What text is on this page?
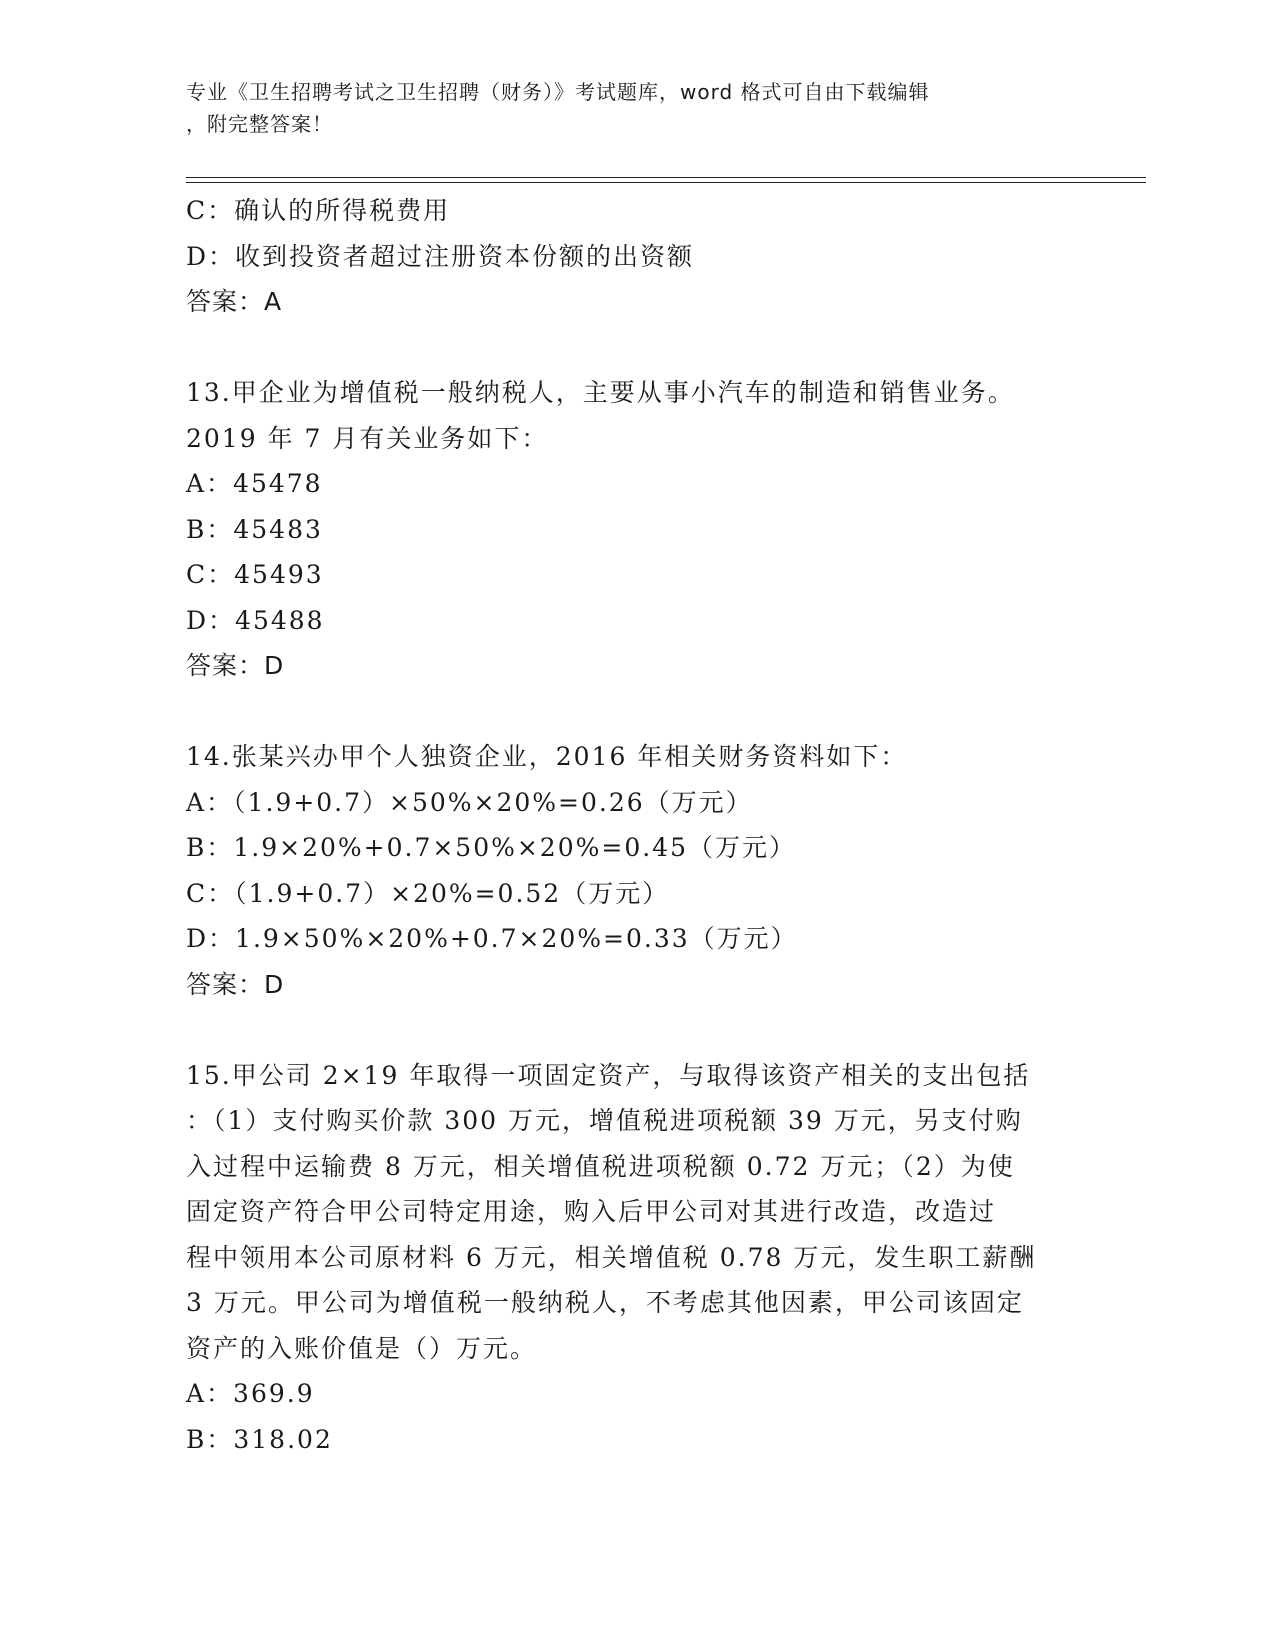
专业《卫生招聘考试之卫生招聘（财务）》考试题库，word 格式可自由下载编辑
，附完整答案！
C：确认的所得税费用
D：收到投资者超过注册资本份额的出资额
答案：A
13.甲企业为增值税一般纳税人，主要从事小汽车的制造和销售业务。
2019 年 7 月有关业务如下：
A：45478
B：45483
C：45493
D：45488
答案：D
14.张某兴办甲个人独资企业，2016 年相关财务资料如下：
A：（1.9+0.7）×50%×20%=0.26（万元）
B：1.9×20%+0.7×50%×20%=0.45（万元）
C：（1.9+0.7）×20%=0.52（万元）
D：1.9×50%×20%+0.7×20%=0.33（万元）
答案：D
15.甲公司 2×19 年取得一项固定资产，与取得该资产相关的支出包括
：（1）支付购买价款 300 万元，增值税进项税额 39 万元，另支付购
入过程中运输费 8 万元，相关增值税进项税额 0.72 万元；（2）为使
固定资产符合甲公司特定用途，购入后甲公司对其进行改造，改造过
程中领用本公司原材料 6 万元，相关增值税 0.78 万元，发生职工薪酬
3 万元。甲公司为增值税一般纳税人，不考虑其他因素，甲公司该固定
资产的入账价值是（）万元。
A：369.9
B：318.02
